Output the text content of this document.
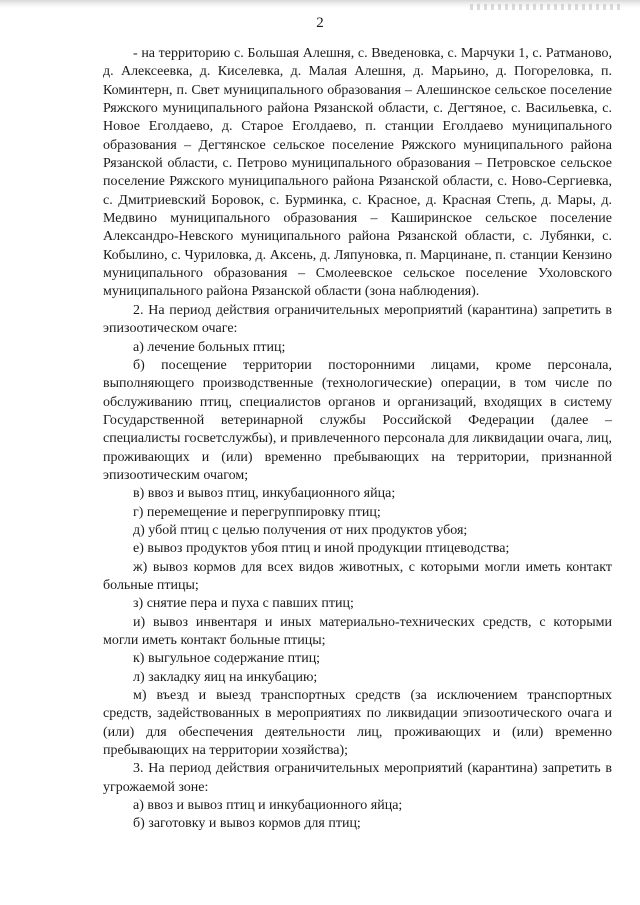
2

- на территорию с. Большая Алешня, с. Введеновка, с. Марчуки 1, с. Ратманово, д. Алексеевка, д. Киселевка, д. Малая Алешня, д. Марьино, д. Погореловка, п. Коминтерн, п. Свет муниципального образования – Алешинское сельское поселение Ряжского муниципального района Рязанской области, с. Дегтяное, с. Васильевка, с. Новое Еголдаево, д. Старое Еголдаево, п. станции Еголдаево муниципального образования – Дегтянское сельское поселение Ряжского муниципального района Рязанской области, с. Петрово муниципального образования – Петровское сельское поселение Ряжского муниципального района Рязанской области, с. Ново-Сергиевка, с. Дмитриевский Боровок, с. Бурминка, с. Красное, д. Красная Степь, д. Мары, д. Медвино муниципального образования – Каширинское сельское поселение Александро-Невского муниципального района Рязанской области, с. Лубянки, с. Кобылино, с. Чуриловка, д. Аксень, д. Ляпуновка, п. Марцинане, п. станции Кензино муниципального образования – Смолеевское сельское поселение Ухоловского муниципального района Рязанской области (зона наблюдения).

2. На период действия ограничительных мероприятий (карантина) запретить в эпизоотическом очаге:

а) лечение больных птиц;

б) посещение территории посторонними лицами, кроме персонала, выполняющего производственные (технологические) операции, в том числе по обслуживанию птиц, специалистов органов и организаций, входящих в систему Государственной ветеринарной службы Российской Федерации (далее – специалисты госветслужбы), и привлеченного персонала для ликвидации очага, лиц, проживающих и (или) временно пребывающих на территории, признанной эпизоотическим очагом;

в) ввоз и вывоз птиц, инкубационного яйца;

г) перемещение и перегруппировку птиц;

д) убой птиц с целью получения от них продуктов убоя;

е) вывоз продуктов убоя птиц и иной продукции птицеводства;

ж) вывоз кормов для всех видов животных, с которыми могли иметь контакт больные птицы;

з) снятие пера и пуха с павших птиц;

и) вывоз инвентаря и иных материально-технических средств, с которыми могли иметь контакт больные птицы;

к) выгульное содержание птиц;

л) закладку яиц на инкубацию;

м) въезд и выезд транспортных средств (за исключением транспортных средств, задействованных в мероприятиях по ликвидации эпизоотического очага и (или) для обеспечения деятельности лиц, проживающих и (или) временно пребывающих на территории хозяйства);

3. На период действия ограничительных мероприятий (карантина) запретить в угрожаемой зоне:

а) ввоз и вывоз птиц и инкубационного яйца;

б) заготовку и вывоз кормов для птиц;
